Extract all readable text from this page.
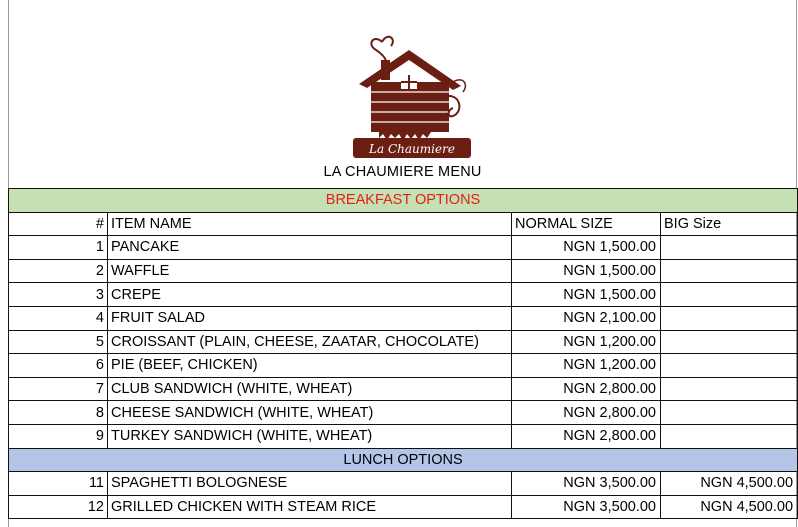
La Chaumiere
LA CHAUMIERE MENU
BREAKFAST OPTIONS			
#	ITEM NAME	NORMAL SIZE	BIG Size
1	PANCAKE	NGN 1,500.00	
2	WAFFLE	NGN 1,500.00	
3	CREPE	NGN 1,500.00	
4	FRUIT SALAD	NGN 2,100.00	
5	CROISSANT (PLAIN, CHEESE, ZAATAR, CHOCOLATE)	NGN 1,200.00	
6	PIE (BEEF, CHICKEN)	NGN 1,200.00	
7	CLUB SANDWICH (WHITE, WHEAT)	NGN 2,800.00	
8	CHEESE SANDWICH (WHITE, WHEAT)	NGN 2,800.00	
9	TURKEY SANDWICH (WHITE, WHEAT)	NGN 2,800.00	
LUNCH OPTIONS			
11	SPAGHETTI BOLOGNESE	NGN 3,500.00	NGN 4,500.00
12	GRILLED CHICKEN WITH STEAM RICE	NGN 3,500.00	NGN 4,500.00
